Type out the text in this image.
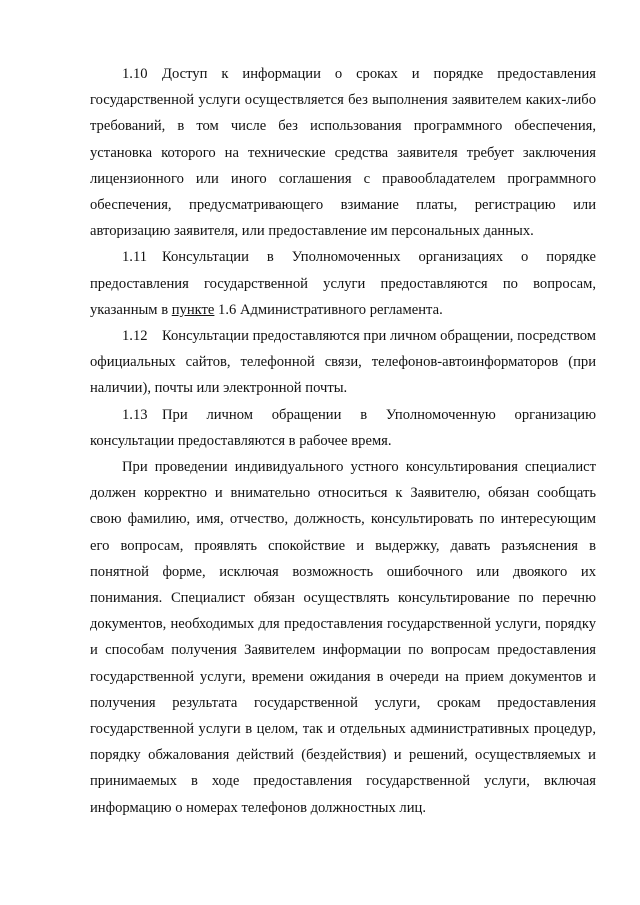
1.10 Доступ к информации о сроках и порядке предоставления государственной услуги осуществляется без выполнения заявителем каких-либо требований, в том числе без использования программного обеспечения, установка которого на технические средства заявителя требует заключения лицензионного или иного соглашения с правообладателем программного обеспечения, предусматривающего взимание платы, регистрацию или авторизацию заявителя, или предоставление им персональных данных.

1.11 Консультации в Уполномоченных организациях о порядке предоставления государственной услуги предоставляются по вопросам, указанным в пункте 1.6 Административного регламента.

1.12 Консультации предоставляются при личном обращении, посредством официальных сайтов, телефонной связи, телефонов-автоинформаторов (при наличии), почты или электронной почты.

1.13 При личном обращении в Уполномоченную организацию консультации предоставляются в рабочее время.

При проведении индивидуального устного консультирования специалист должен корректно и внимательно относиться к Заявителю, обязан сообщать свою фамилию, имя, отчество, должность, консультировать по интересующим его вопросам, проявлять спокойствие и выдержку, давать разъяснения в понятной форме, исключая возможность ошибочного или двоякого их понимания. Специалист обязан осуществлять консультирование по перечню документов, необходимых для предоставления государственной услуги, порядку и способам получения Заявителем информации по вопросам предоставления государственной услуги, времени ожидания в очереди на прием документов и получения результата государственной услуги, срокам предоставления государственной услуги в целом, так и отдельных административных процедур, порядку обжалования действий (бездействия) и решений, осуществляемых и принимаемых в ходе предоставления государственной услуги, включая информацию о номерах телефонов должностных лиц.
